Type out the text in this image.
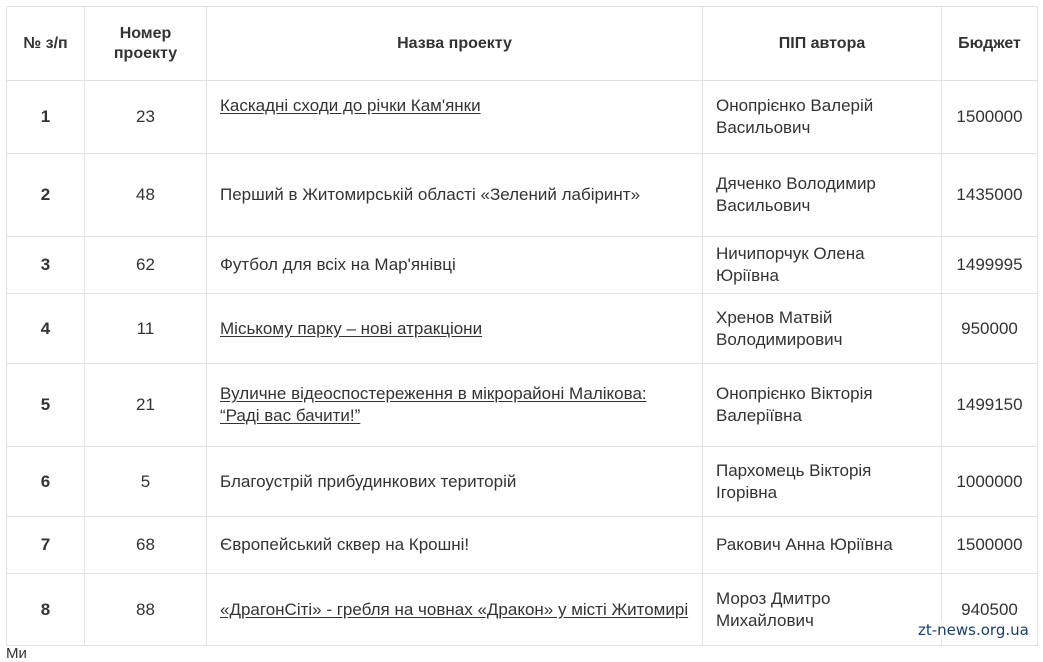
№ з/п	Номер проекту	Назва проекту	ПІП автора	Бюджет
1	23	Каскадні сходи до річки Кам'янки	Онопрієнко Валерій Васильович	1500000
2	48	Перший в Житомирській області «Зелений лабіринт»	Дяченко Володимир Васильович	1435000
3	62	Футбол для всіх на Мар'янівці	Ничипорчук Олена Юріївна	1499995
4	11	Міському парку – нові атракціони	Хренов Матвій Володимирович	950000
5	21	Вуличне відеоспостереження в мікрорайоні Малікова: “Раді вас бачити!”	Онопрієнко Вікторія Валеріївна	1499150
6	5	Благоустрій прибудинкових територій	Пархомець Вікторія Ігорівна	1000000
7	68	Європейський сквер на Крошні!	Ракович Анна Юріївна	1500000
8	88	«ДрагонСіті» - гребля на човнах «Дракон» у місті Житомирі	Мороз Дмитро Михайлович	940500
zt-news.org.ua
Ми
